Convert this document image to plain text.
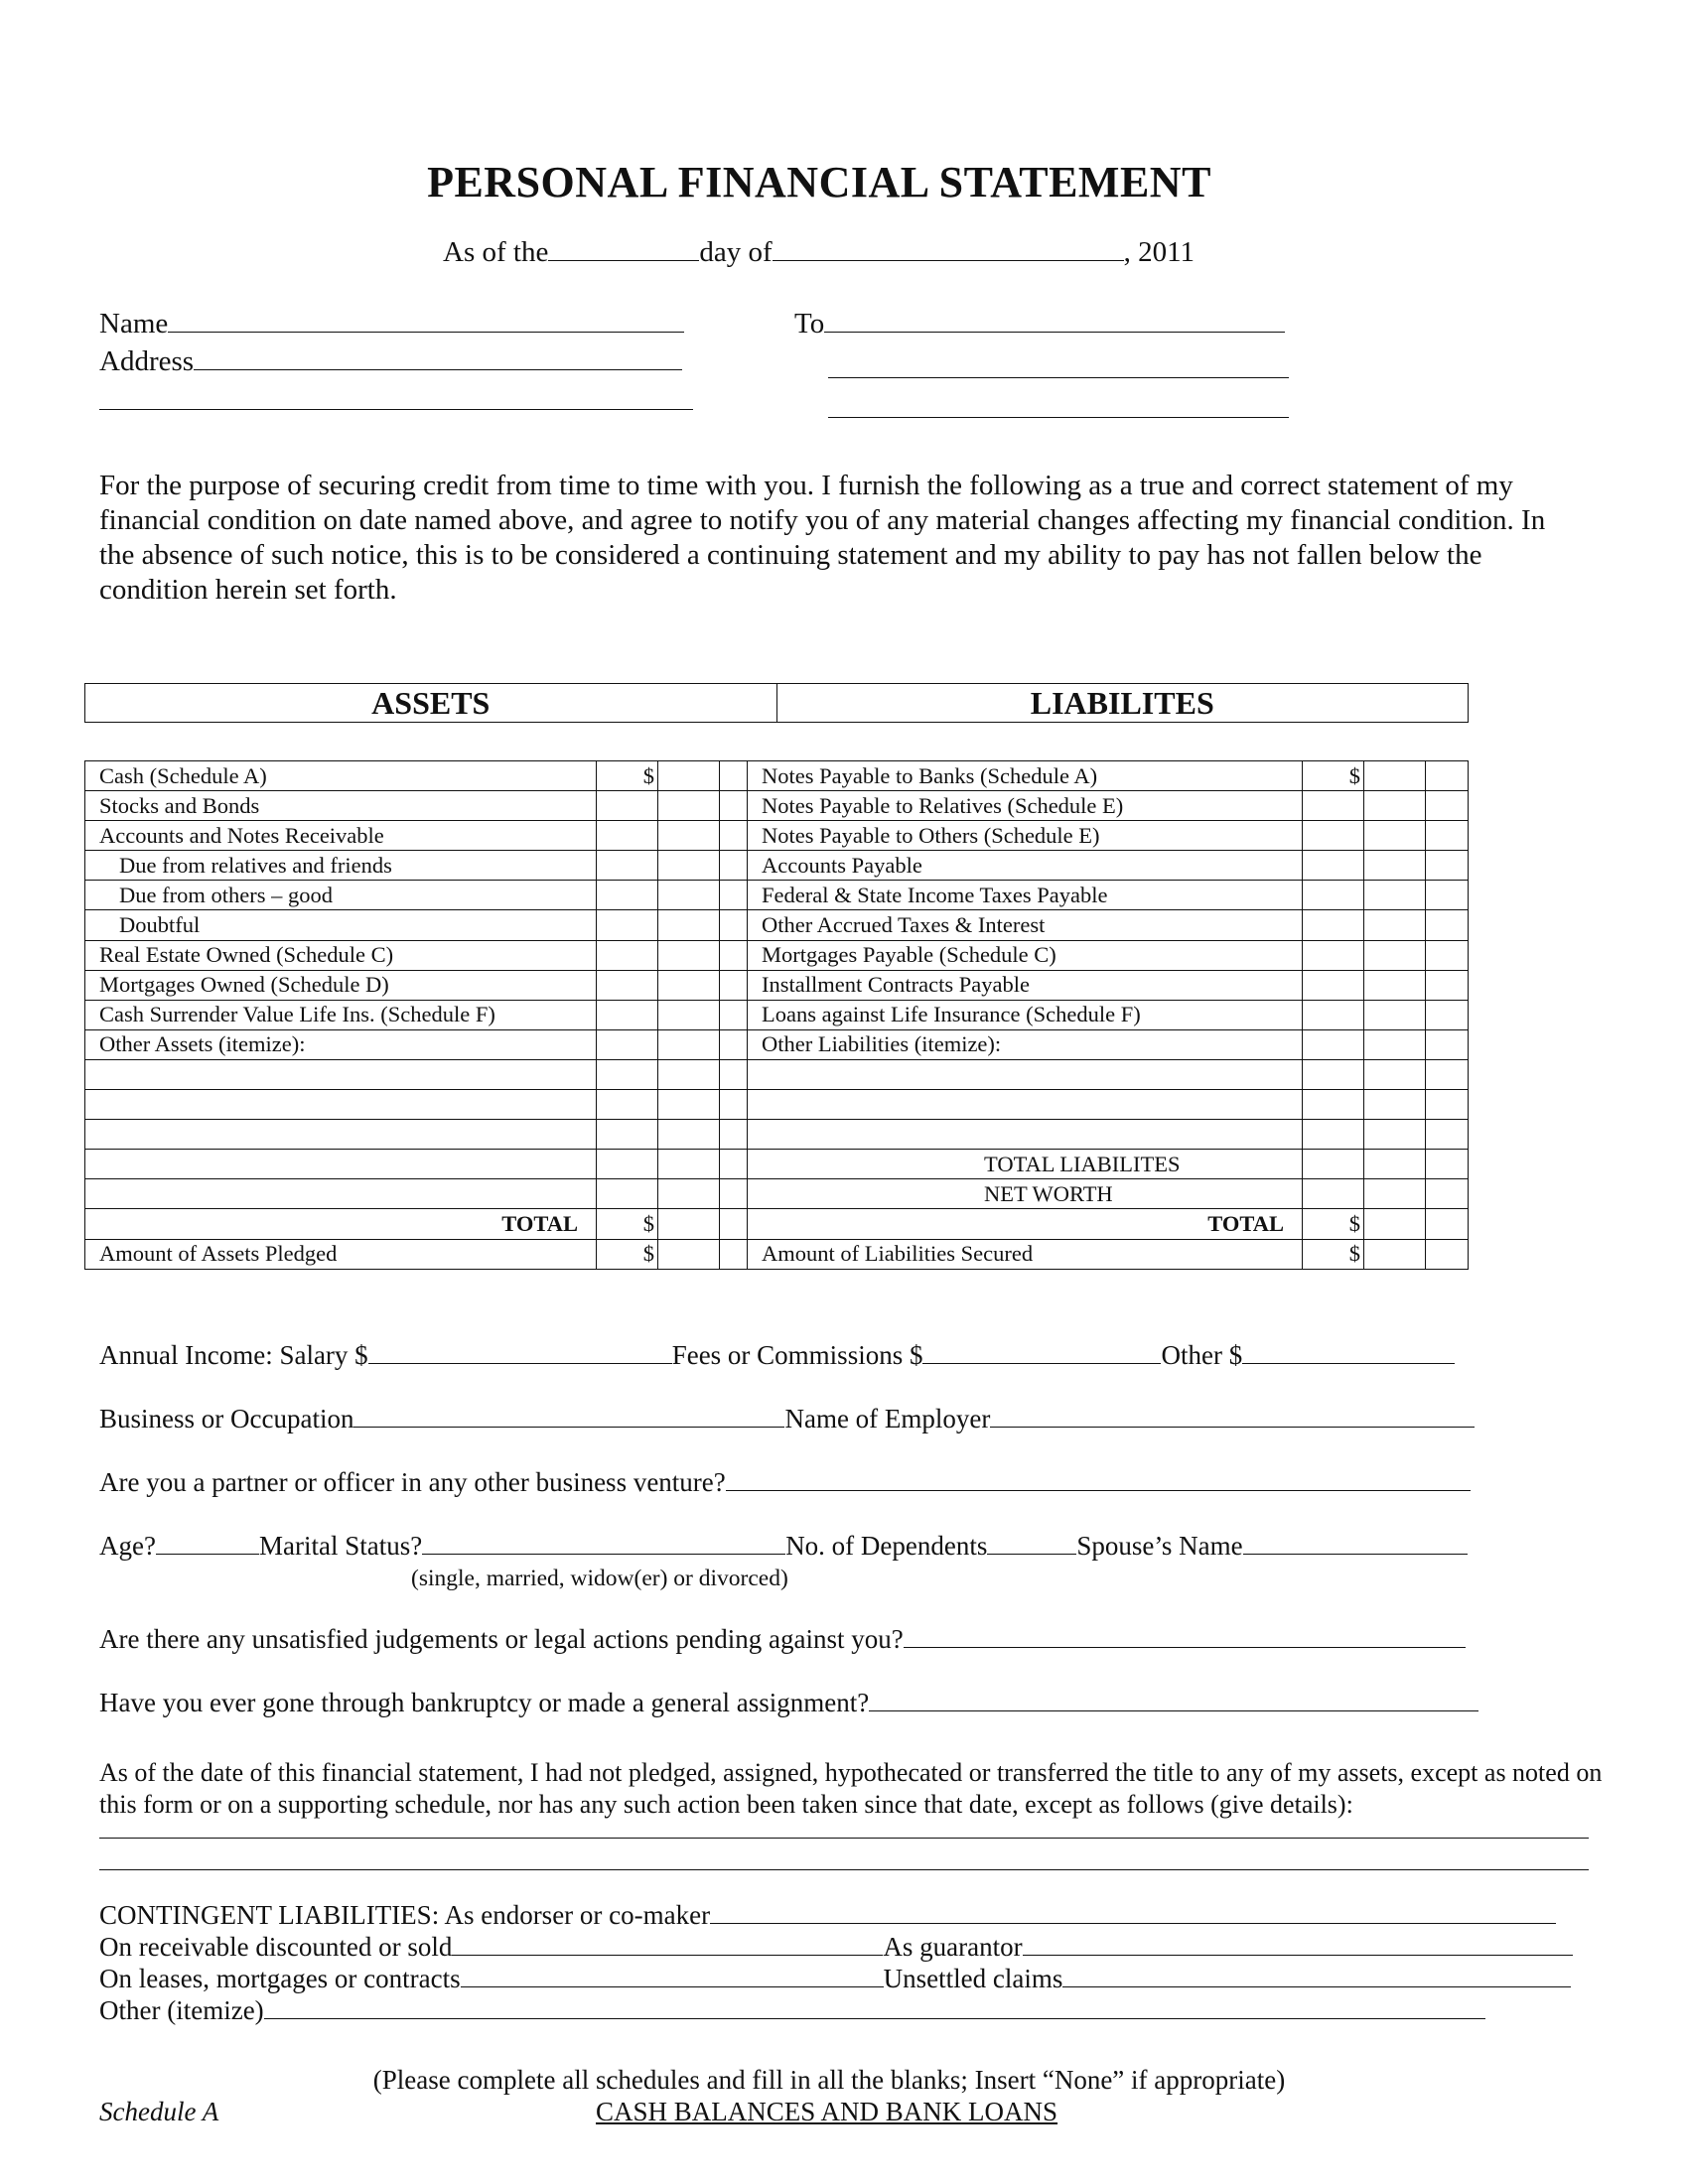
PERSONAL FINANCIAL STATEMENT
As of the	day of	, 2011
Name
Address
To
For the purpose of securing credit from time to time with you. I furnish the following as a true and correct statement of my financial condition on date named above, and agree to notify you of any material changes affecting my financial condition. In the absence of such notice, this is to be considered a continuing statement and my ability to pay has not fallen below the condition herein set forth.
ASSETS	LIABILITES
Cash (Schedule A)	$			Notes Payable to Banks (Schedule A)	$		
Stocks and Bonds				Notes Payable to Relatives (Schedule E)			
Accounts and Notes Receivable				Notes Payable to Others (Schedule E)			
Due from relatives and friends				Accounts Payable			
Due from others – good				Federal & State Income Taxes Payable			
Doubtful				Other Accrued Taxes & Interest			
Real Estate Owned (Schedule C)				Mortgages Payable (Schedule C)			
Mortgages Owned (Schedule D)				Installment Contracts Payable			
Cash Surrender Value Life Ins. (Schedule F)				Loans against Life Insurance (Schedule F)			
Other Assets (itemize):				Other Liabilities (itemize):			

				TOTAL LIABILITES			
				NET WORTH			
TOTAL	$			TOTAL	$		
Amount of Assets Pledged	$			Amount of Liabilities Secured	$		
Annual Income: Salary $	Fees or Commissions $	Other $
Business or Occupation	Name of Employer
Are you a partner or officer in any other business venture?
Age?	Marital Status?	No. of Dependents	Spouse’s Name
(single, married, widow(er) or divorced)
Are there any unsatisfied judgements or legal actions pending against you?
Have you ever gone through bankruptcy or made a general assignment?
As of the date of this financial statement, I had not pledged, assigned, hypothecated or transferred the title to any of my assets, except as noted on this form or on a supporting schedule, nor has any such action been taken since that date, except as follows (give details):
CONTINGENT LIABILITIES: As endorser or co-maker
On receivable discounted or sold	As guarantor
On leases, mortgages or contracts	Unsettled claims
Other (itemize)
(Please complete all schedules and fill in all the blanks; Insert “None” if appropriate)
Schedule A	CASH BALANCES AND BANK LOANS
